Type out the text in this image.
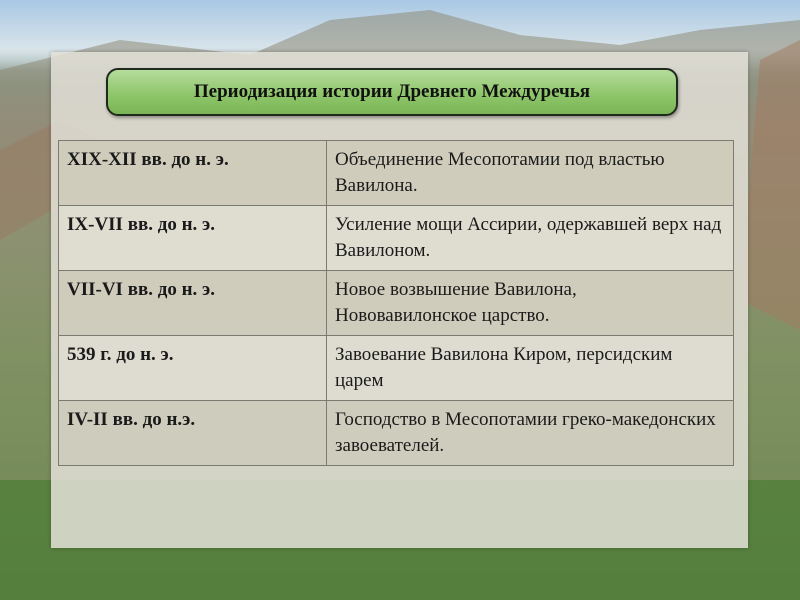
Периодизация истории Древнего Междуречья
XIX-XII вв. до н. э.	Объединение Месопотамии под властью Вавилона.
IX-VII вв. до н. э.	Усиление мощи Ассирии, одержавшей верх над Вавилоном.
VII-VI вв. до н. э.	Новое возвышение Вавилона, Нововавилонское царство.
539 г. до н. э.	Завоевание Вавилона Киром, персидским царем
IV-II вв. до н.э.	Господство в Месопотамии греко-македонских завоевателей.
